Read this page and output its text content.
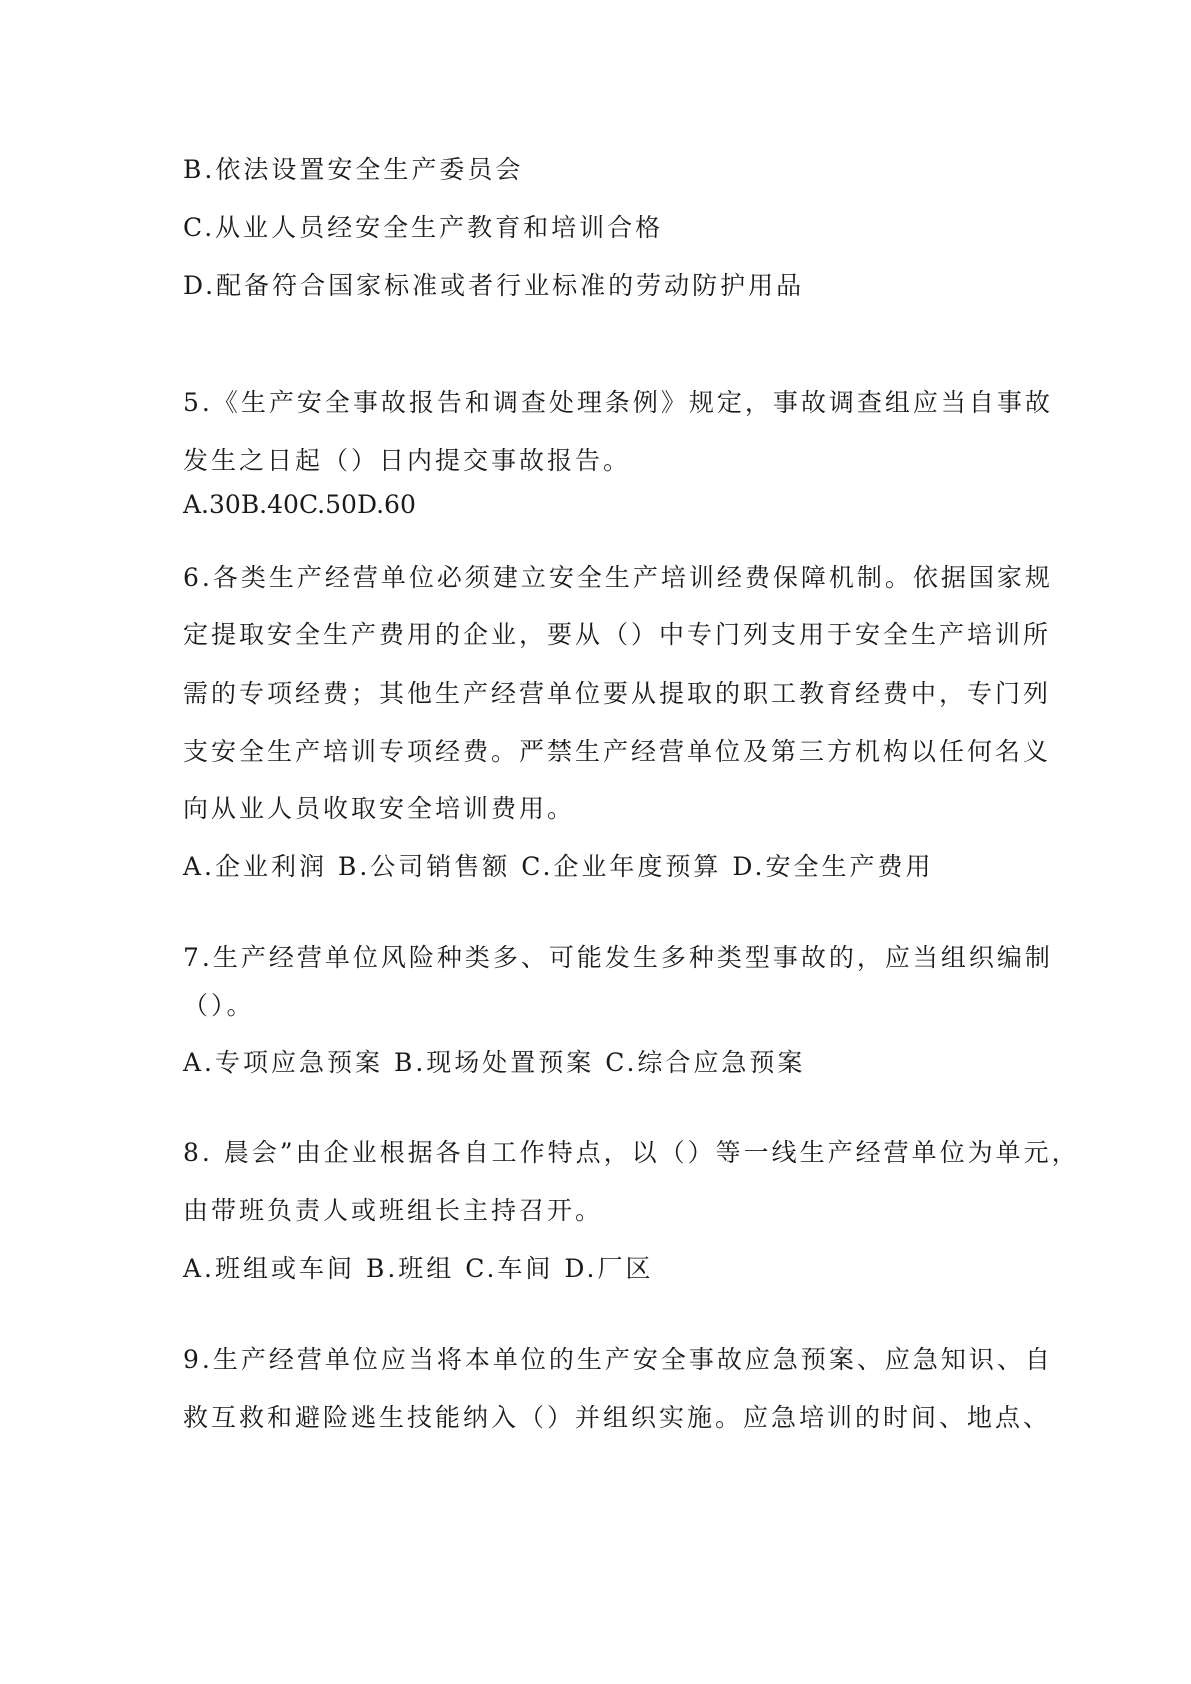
B.依法设置安全生产委员会
C.从业人员经安全生产教育和培训合格
D.配备符合国家标准或者行业标准的劳动防护用品
5.《生产安全事故报告和调查处理条例》规定，事故调查组应当自事故
发生之日起（）日内提交事故报告。
A.30B.40C.50D.60
6.各类生产经营单位必须建立安全生产培训经费保障机制。依据国家规
定提取安全生产费用的企业，要从（）中专门列支用于安全生产培训所
需的专项经费；其他生产经营单位要从提取的职工教育经费中，专门列
支安全生产培训专项经费。严禁生产经营单位及第三方机构以任何名义
向从业人员收取安全培训费用。
A.企业利润 B.公司销售额 C.企业年度预算 D.安全生产费用
7.生产经营单位风险种类多、可能发生多种类型事故的，应当组织编制
（）。
A.专项应急预案 B.现场处置预案 C.综合应急预案
8. 晨会”由企业根据各自工作特点，以（）等一线生产经营单位为单元，
由带班负责人或班组长主持召开。
A.班组或车间 B.班组 C.车间 D.厂区
9.生产经营单位应当将本单位的生产安全事故应急预案、应急知识、自
救互救和避险逃生技能纳入（）并组织实施。应急培训的时间、地点、
